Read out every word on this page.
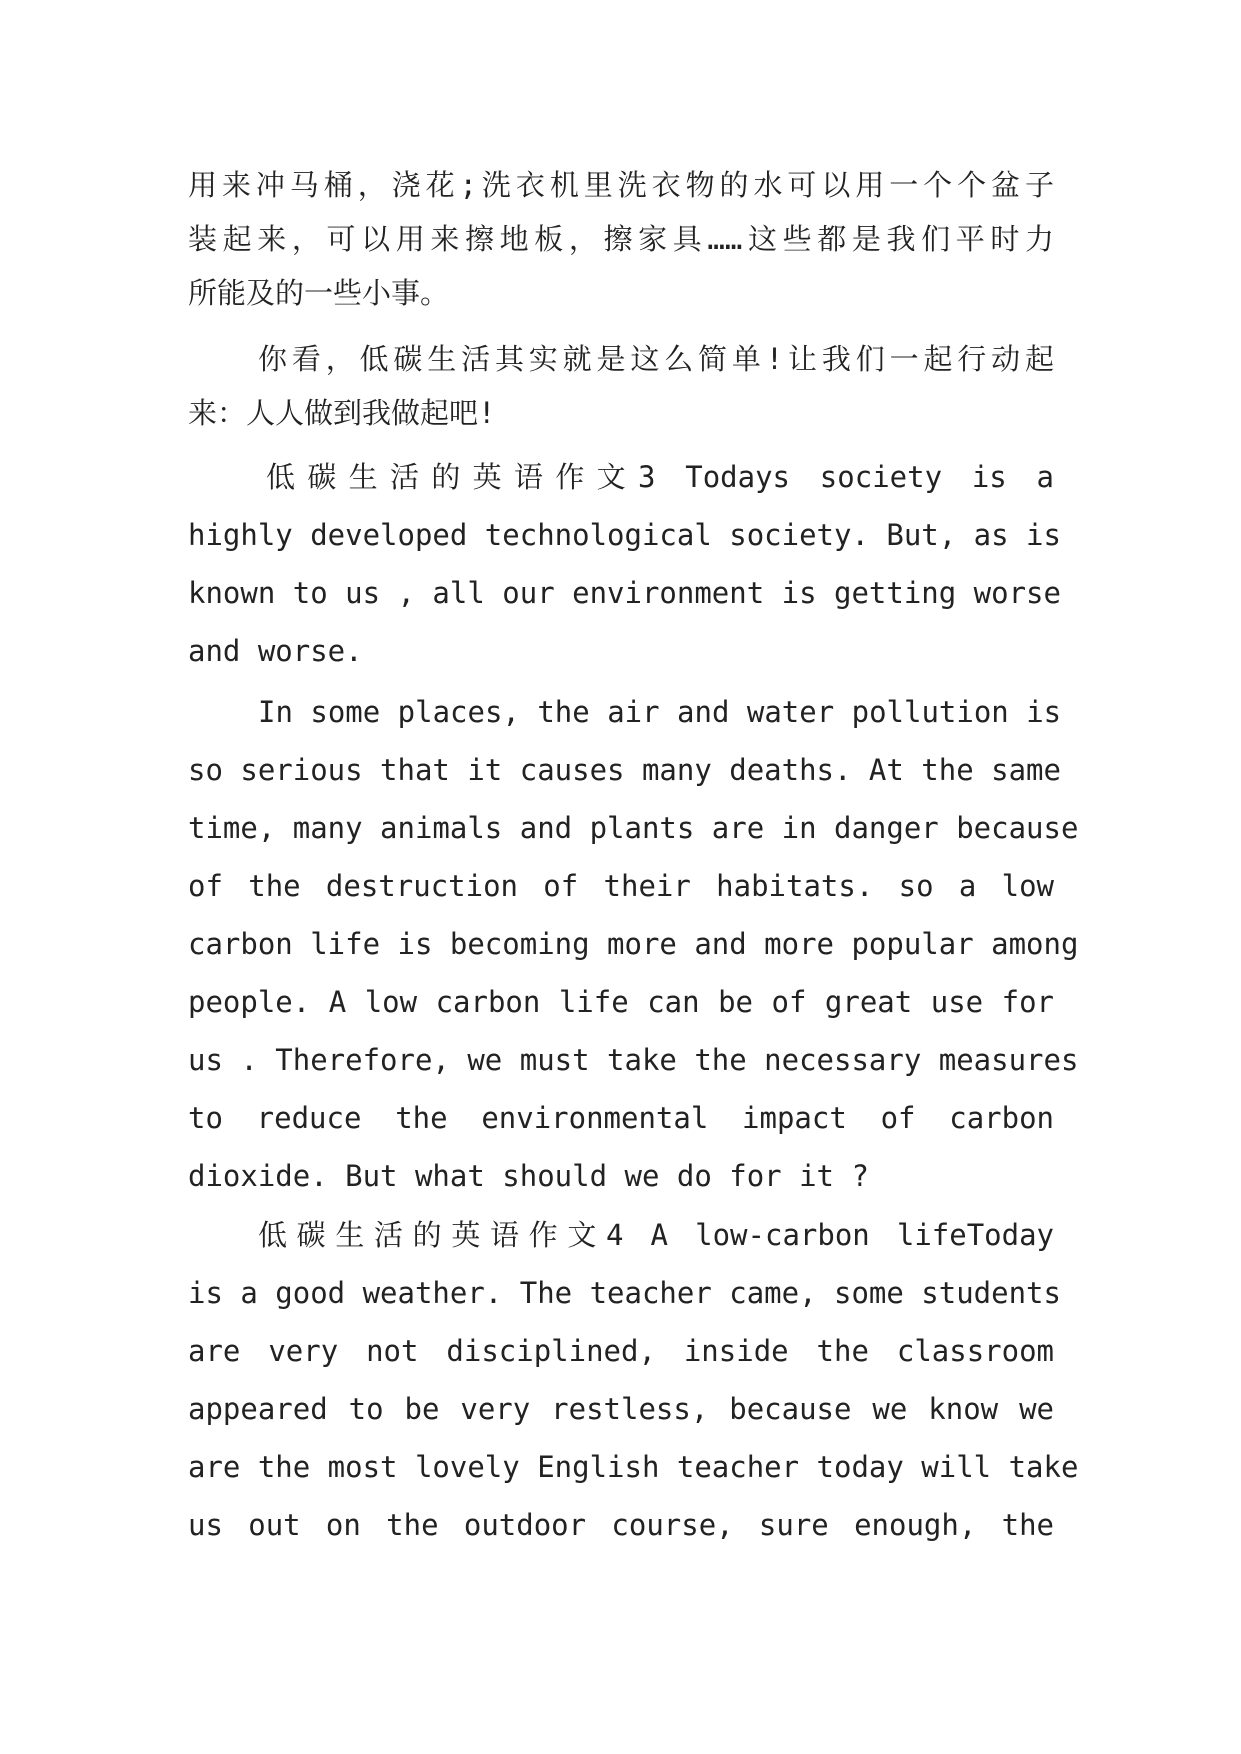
用来冲马桶，浇花;洗衣机里洗衣物的水可以用一个个盆子
装起来，可以用来擦地板，擦家具……这些都是我们平时力
所能及的一些小事。
你看，低碳生活其实就是这么简单!让我们一起行动起
来：人人做到我做起吧!
低碳生活的英语作文3 Todays society is a
highly developed technological society. But, as is
known to us , all our environment is getting worse
and worse.
In some places, the air and water pollution is
so serious that it causes many deaths. At the same
time, many animals and plants are in danger because
of the destruction of their habitats. so a low
carbon life is becoming more and more popular among
people. A low carbon life can be of great use for
us . Therefore, we must take the necessary measures
to reduce the environmental impact of carbon
dioxide. But what should we do for it ?
低碳生活的英语作文4 A low-carbon lifeToday
is a good weather. The teacher came, some students
are very not disciplined, inside the classroom
appeared to be very restless, because we know we
are the most lovely English teacher today will take
us out on the outdoor course, sure enough, the
